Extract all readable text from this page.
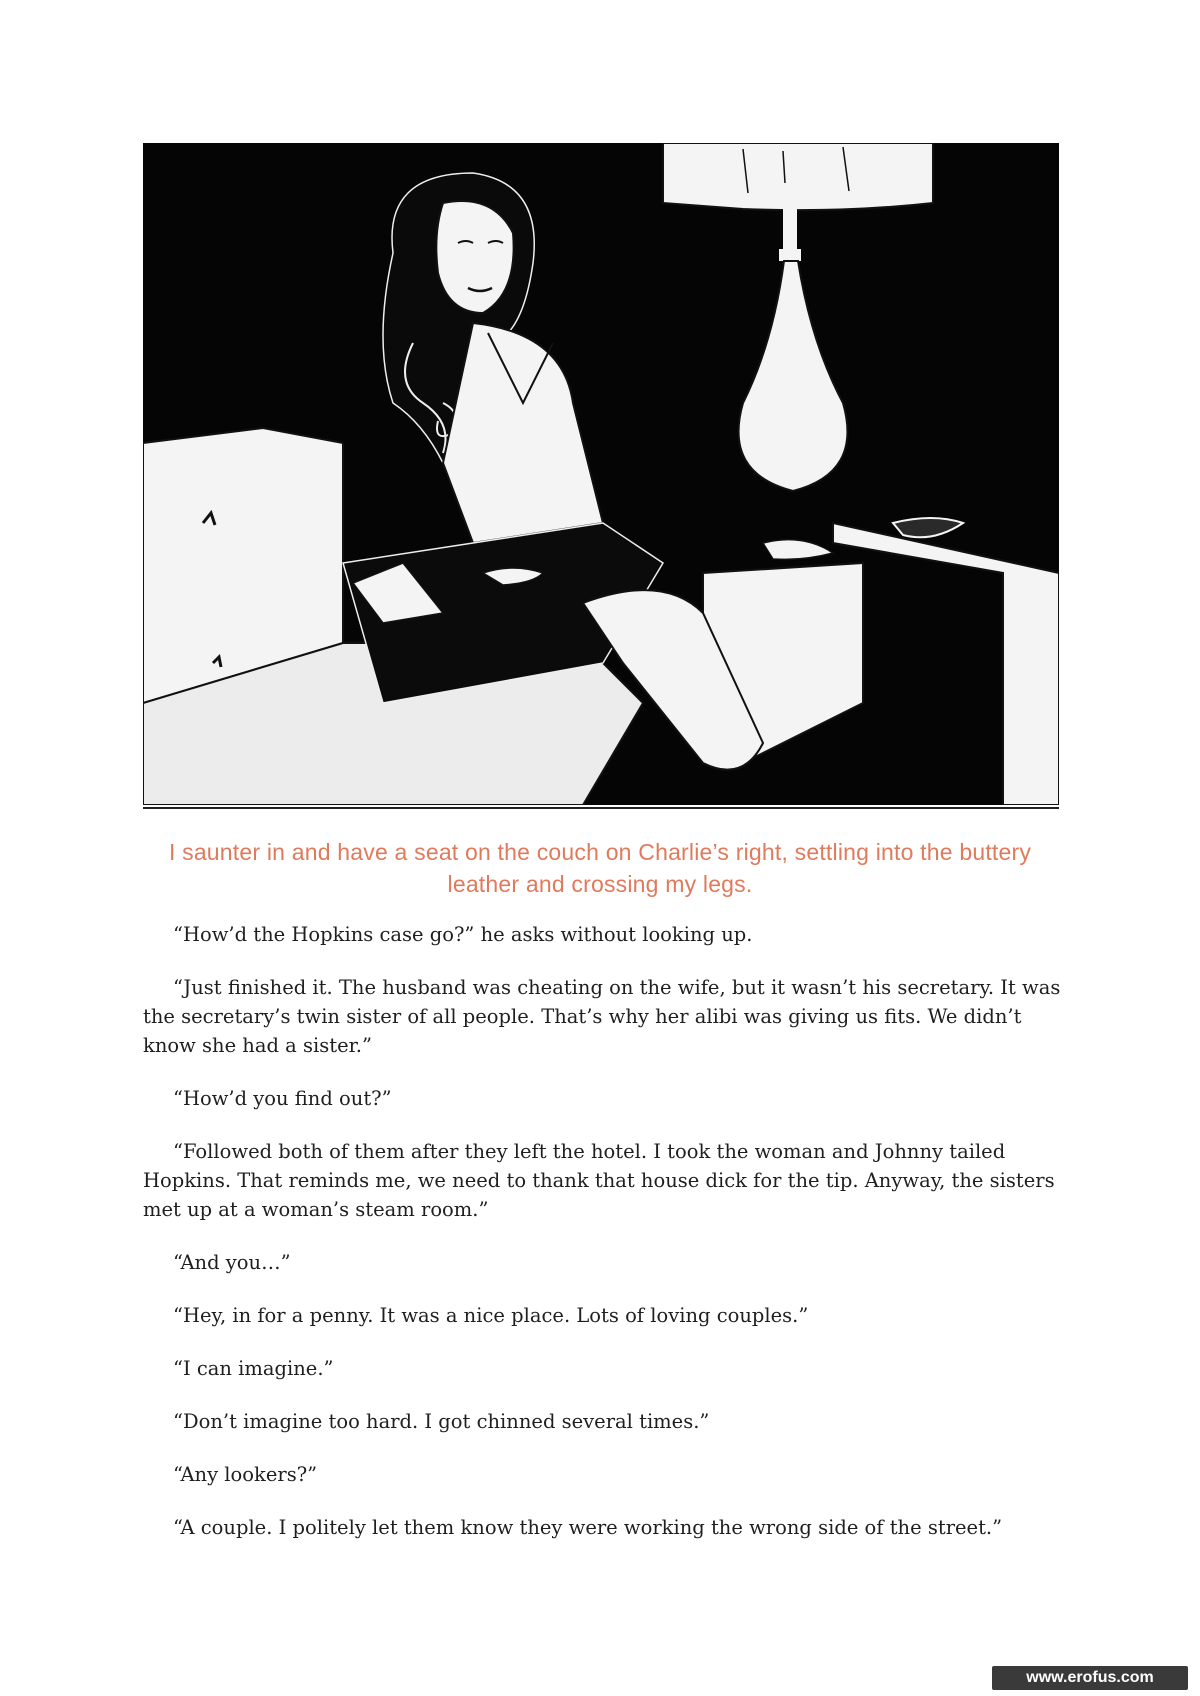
I saunter in and have a seat on the couch on Charlie’s right, settling into the buttery leather and crossing my legs.

“How’d the Hopkins case go?” he asks without looking up.

“Just finished it. The husband was cheating on the wife, but it wasn’t his secretary. It was the secretary’s twin sister of all people. That’s why her alibi was giving us fits. We didn’t know she had a sister.”

“How’d you find out?”

“Followed both of them after they left the hotel. I took the woman and Johnny tailed Hopkins. That reminds me, we need to thank that house dick for the tip. Anyway, the sisters met up at a woman’s steam room.”

“And you…”

“Hey, in for a penny. It was a nice place. Lots of loving couples.”

“I can imagine.”

“Don’t imagine too hard. I got chinned several times.”

“Any lookers?”

“A couple. I politely let them know they were working the wrong side of the street.”

www.erofus.com
